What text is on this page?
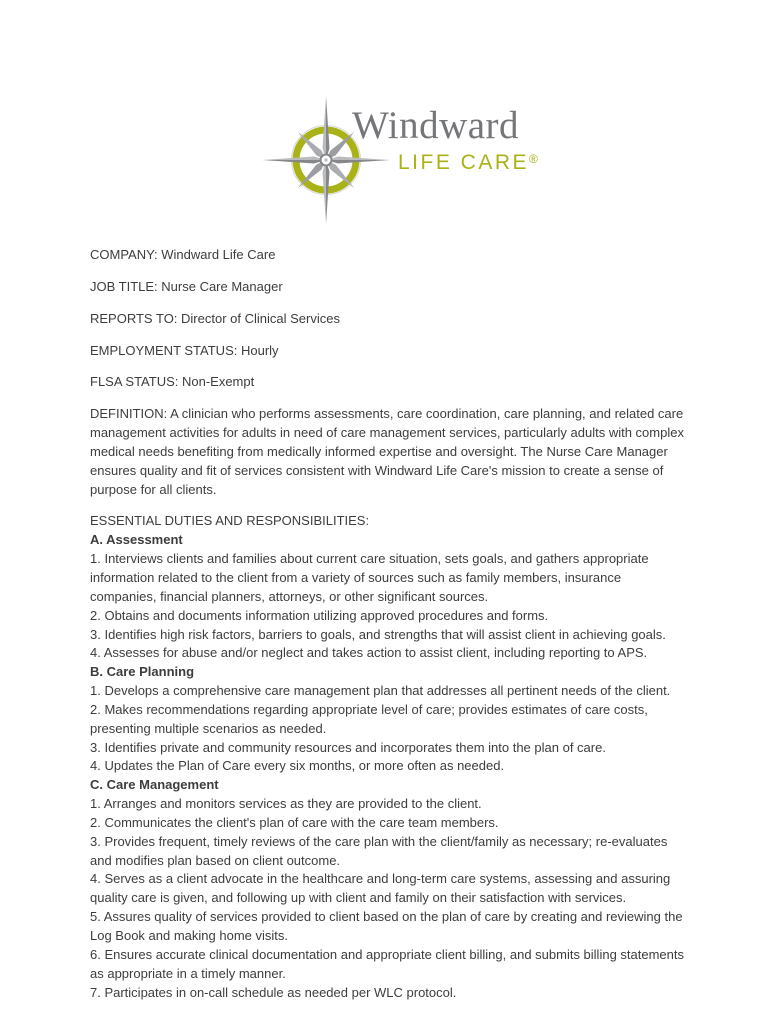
Windward
LIFE CARE®

COMPANY: Windward Life Care

JOB TITLE: Nurse Care Manager

REPORTS TO: Director of Clinical Services

EMPLOYMENT STATUS: Hourly

FLSA STATUS: Non-Exempt

DEFINITION: A clinician who performs assessments, care coordination, care planning, and related care management activities for adults in need of care management services, particularly adults with complex medical needs benefiting from medically informed expertise and oversight. The Nurse Care Manager ensures quality and fit of services consistent with Windward Life Care's mission to create a sense of purpose for all clients.

ESSENTIAL DUTIES AND RESPONSIBILITIES:

A. Assessment

1. Interviews clients and families about current care situation, sets goals, and gathers appropriate information related to the client from a variety of sources such as family members, insurance companies, financial planners, attorneys, or other significant sources.

2. Obtains and documents information utilizing approved procedures and forms.

3. Identifies high risk factors, barriers to goals, and strengths that will assist client in achieving goals.

4. Assesses for abuse and/or neglect and takes action to assist client, including reporting to APS.

B. Care Planning

1. Develops a comprehensive care management plan that addresses all pertinent needs of the client.

2. Makes recommendations regarding appropriate level of care; provides estimates of care costs, presenting multiple scenarios as needed.

3. Identifies private and community resources and incorporates them into the plan of care.

4. Updates the Plan of Care every six months, or more often as needed.

C. Care Management

1. Arranges and monitors services as they are provided to the client.

2. Communicates the client's plan of care with the care team members.

3. Provides frequent, timely reviews of the care plan with the client/family as necessary; re-evaluates and modifies plan based on client outcome.

4. Serves as a client advocate in the healthcare and long-term care systems, assessing and assuring quality care is given, and following up with client and family on their satisfaction with services.

5. Assures quality of services provided to client based on the plan of care by creating and reviewing the Log Book and making home visits.

6. Ensures accurate clinical documentation and appropriate client billing, and submits billing statements as appropriate in a timely manner.

7. Participates in on-call schedule as needed per WLC protocol.
